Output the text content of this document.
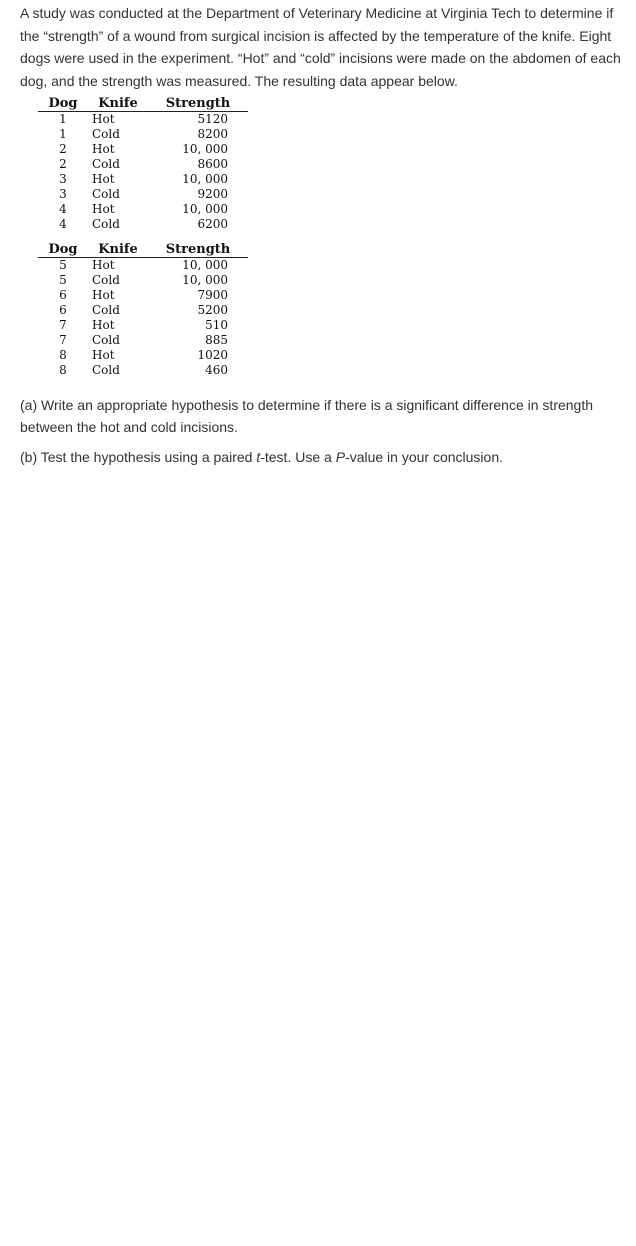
A study was conducted at the Department of Veterinary Medicine at Virginia Tech to determine if the “strength” of a wound from surgical incision is affected by the temperature of the knife. Eight dogs were used in the experiment. “Hot” and “cold” incisions were made on the abdomen of each dog, and the strength was measured. The resulting data appear below.

Dog	Knife	Strength
1	Hot	5120
1	Cold	8200
2	Hot	10, 000
2	Cold	8600
3	Hot	10, 000
3	Cold	9200
4	Hot	10, 000
4	Cold	6200
Dog	Knife	Strength
5	Hot	10, 000
5	Cold	10, 000
6	Hot	7900
6	Cold	5200
7	Hot	510
7	Cold	885
8	Hot	1020
8	Cold	460

(a) Write an appropriate hypothesis to determine if there is a significant difference in strength between the hot and cold incisions.

(b) Test the hypothesis using a paired t-test. Use a P-value in your conclusion.
